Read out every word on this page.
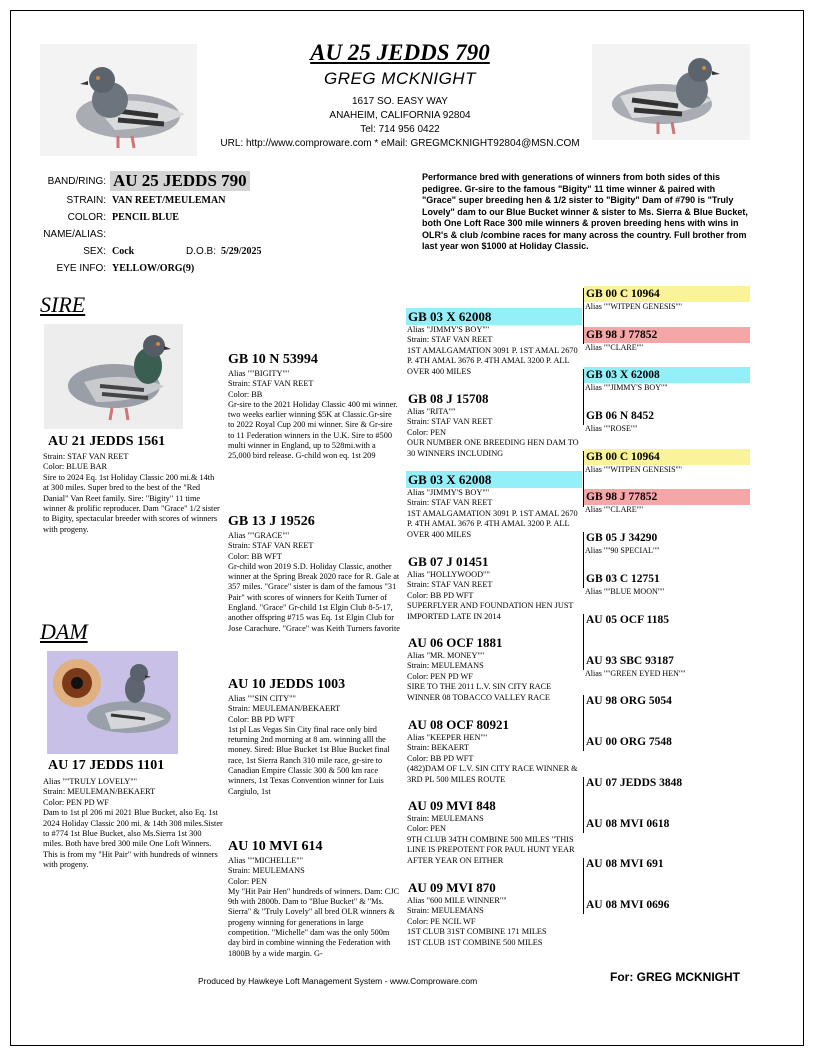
AU 25 JEDDS 790
GREG MCKNIGHT
1617 SO. EASY WAY
ANAHEIM, CALIFORNIA 92804
Tel: 714 956 0422
URL: http://www.comproware.com * eMail: GREGMCKNIGHT92804@MSN.COM
BAND/RING: AU 25 JEDDS 790
STRAIN: VAN REET/MEULEMAN
COLOR: PENCIL BLUE
NAME/ALIAS:
SEX: Cock	D.O.B: 5/29/2025
EYE INFO: YELLOW/ORG(9)
Performance bred with generations of winners from both sides of this pedigree. Gr-sire to the famous "Bigity" 11 time winner & paired with "Grace" super breeding hen & 1/2 sister to "Bigity" Dam of #790 is "Truly Lovely" dam to our Blue Bucket winner & sister to Ms. Sierra & Blue Bucket, both One Loft Race 300 mile winners & proven breeding hens with wins in OLR's & club /combine races for many across the country. Full brother from last year won $1000 at Holiday Classic.
SIRE
AU 21 JEDDS 1561
Strain: STAF VAN REET
Color: BLUE BAR
Sire to 2024 Eq. 1st Holiday Classic 200 mi.& 14th at 300 miles. Super bred to the best of the "Red Danial" Van Reet family. Sire: "Bigity" 11 time winner & prolific reproducer. Dam "Grace" 1/2 sister to Bigity, spectacular breeder with scores of winners with progeny.
DAM
AU 17 JEDDS 1101
Alias ""TRULY LOVELY""
Strain: MEULEMAN/BEKAERT
Color: PEN PD WF
Dam to 1st pl 206 mi 2021 Blue Bucket, also Eq. 1st 2024 Holiday Classic 200 mi. & 14th 308 miles.Sister to #774 1st Blue Bucket, also Ms.Sierra 1st 300 miles. Both have bred 300 mile One Loft Winners. This is from my "Hit Pair" with hundreds of winners with progeny.
GB 10 N 53994
Alias ""BIGITY""
Strain: STAF VAN REET
Color: BB
Gr-sire to the 2021 Holiday Classic 400 mi winner. two weeks earlier winning $5K at Classic.Gr-sire to 2022 Royal Cup 200 mi winner. Sire & Gr-sire to 11 Federation winners in the U.K. Sire to #500 multi winner in England, up to 528mi.with a 25,000 bird release. G-child won eq. 1st 209
GB 13 J 19526
Alias ""GRACE""
Strain: STAF VAN REET
Color: BB WFT
Gr-child won 2019 S.D. Holiday Classic, another winner at the Spring Break 2020 race for R. Gale at 357 miles. "Grace" sister is dam of the famous "31 Pair" with scores of winners for Keith Turner of England. "Grace" Gr-child 1st Elgin Club 8-5-17, another offspring #715 was Eq. 1st Elgin Club for Jose Carachure. "Grace" was Keith Turners favorite
AU 10 JEDDS 1003
Alias ""SIN CITY""
Strain: MEULEMAN/BEKAERT
Color: BB PD WFT
1st pl Las Vegas Sin City final race only bird returning 2nd morning at 8 am. winning alll the money. Sired: Blue Bucket 1st Blue Bucket final race, 1st Sierra Ranch 310 mile race, gr-sire to Canadian Empire Classic 300 & 500 km race winners, 1st Texas Convention winner for Luis Cargiulo, 1st
AU 10 MVI 614
Alias ""MICHELLE""
Strain: MEULEMANS
Color: PEN
My "Hit Pair Hen" hundreds of winners. Dam: CJC 9th with 2800b. Dam to "Blue Bucket" & "Ms. Sierra" & "Truly Lovely" all bred OLR winners & progeny winning for generations in large competition. "Michelle" dam was the only 500m day bird in combine winning the Federation with 1800B by a wide margin. G-
GB 03 X 62008
Alias "JIMMY'S BOY""
Strain: STAF VAN REET
1ST AMALGAMATION 3091 P. 1ST AMAL 2670 P. 4TH AMAL 3676 P. 4TH AMAL 3200 P. ALL OVER 400 MILES
GB 08 J 15708
Alias "RITA""
Strain: STAF VAN REET
Color: PEN
OUR NUMBER ONE BREEDING HEN DAM TO 30 WINNERS INCLUDING
GB 03 X 62008
Alias "JIMMY'S BOY""
Strain: STAF VAN REET
1ST AMALGAMATION 3091 P. 1ST AMAL 2670 P. 4TH AMAL 3676 P. 4TH AMAL 3200 P. ALL OVER 400 MILES
GB 07 J 01451
Alias "HOLLYWOOD""
Strain: STAF VAN REET
Color: BB PD WFT
SUPERFLYER AND FOUNDATION HEN JUST IMPORTED LATE IN 2014
AU 06 OCF 1881
Alias "MR. MONEY""
Strain: MEULEMANS
Color: PEN PD WF
SIRE TO THE 2011 L.V. SIN CITY RACE WINNER 08 TOBACCO VALLEY RACE
AU 08 OCF 80921
Alias "KEEPER HEN""
Strain: BEKAERT
Color: BB PD WFT
(482)DAM OF L.V. SIN CITY RACE WINNER & 3RD PL 500 MILES ROUTE
AU 09 MVI 848
Strain: MEULEMANS
Color: PEN
9TH CLUB 34TH COMBINE 500 MILES "THIS LINE IS PREPOTENT FOR PAUL HUNT YEAR AFTER YEAR ON EITHER
AU 09 MVI 870
Alias "600 MILE WINNER""
Strain: MEULEMANS
Color: PE NCIL WF
1ST CLUB 31ST COMBINE 171 MILES
1ST CLUB 1ST COMBINE 500 MILES
GB 00 C 10964
Alias ""WITPEN GENESIS""
GB 98 J 77852
Alias ""CLARE""
GB 03 X 62008
Alias ""JIMMY'S BOY""
GB 06 N 8452
Alias ""ROSE""
GB 00 C 10964
Alias ""WITPEN GENESIS""
GB 98 J 77852
Alias ""CLARE""
GB 05 J 34290
Alias ""90 SPECIAL""
GB 03 C 12751
Alias ""BLUE MOON""
AU 05 OCF 1185
AU 93 SBC 93187
Alias ""GREEN EYED HEN""
AU 98 ORG 5054
AU 00 ORG 7548
AU 07 JEDDS 3848
AU 08 MVI 0618
AU 08 MVI 691
AU 08 MVI 0696
Produced by Hawkeye Loft Management System - www.Comproware.com	For: GREG MCKNIGHT
